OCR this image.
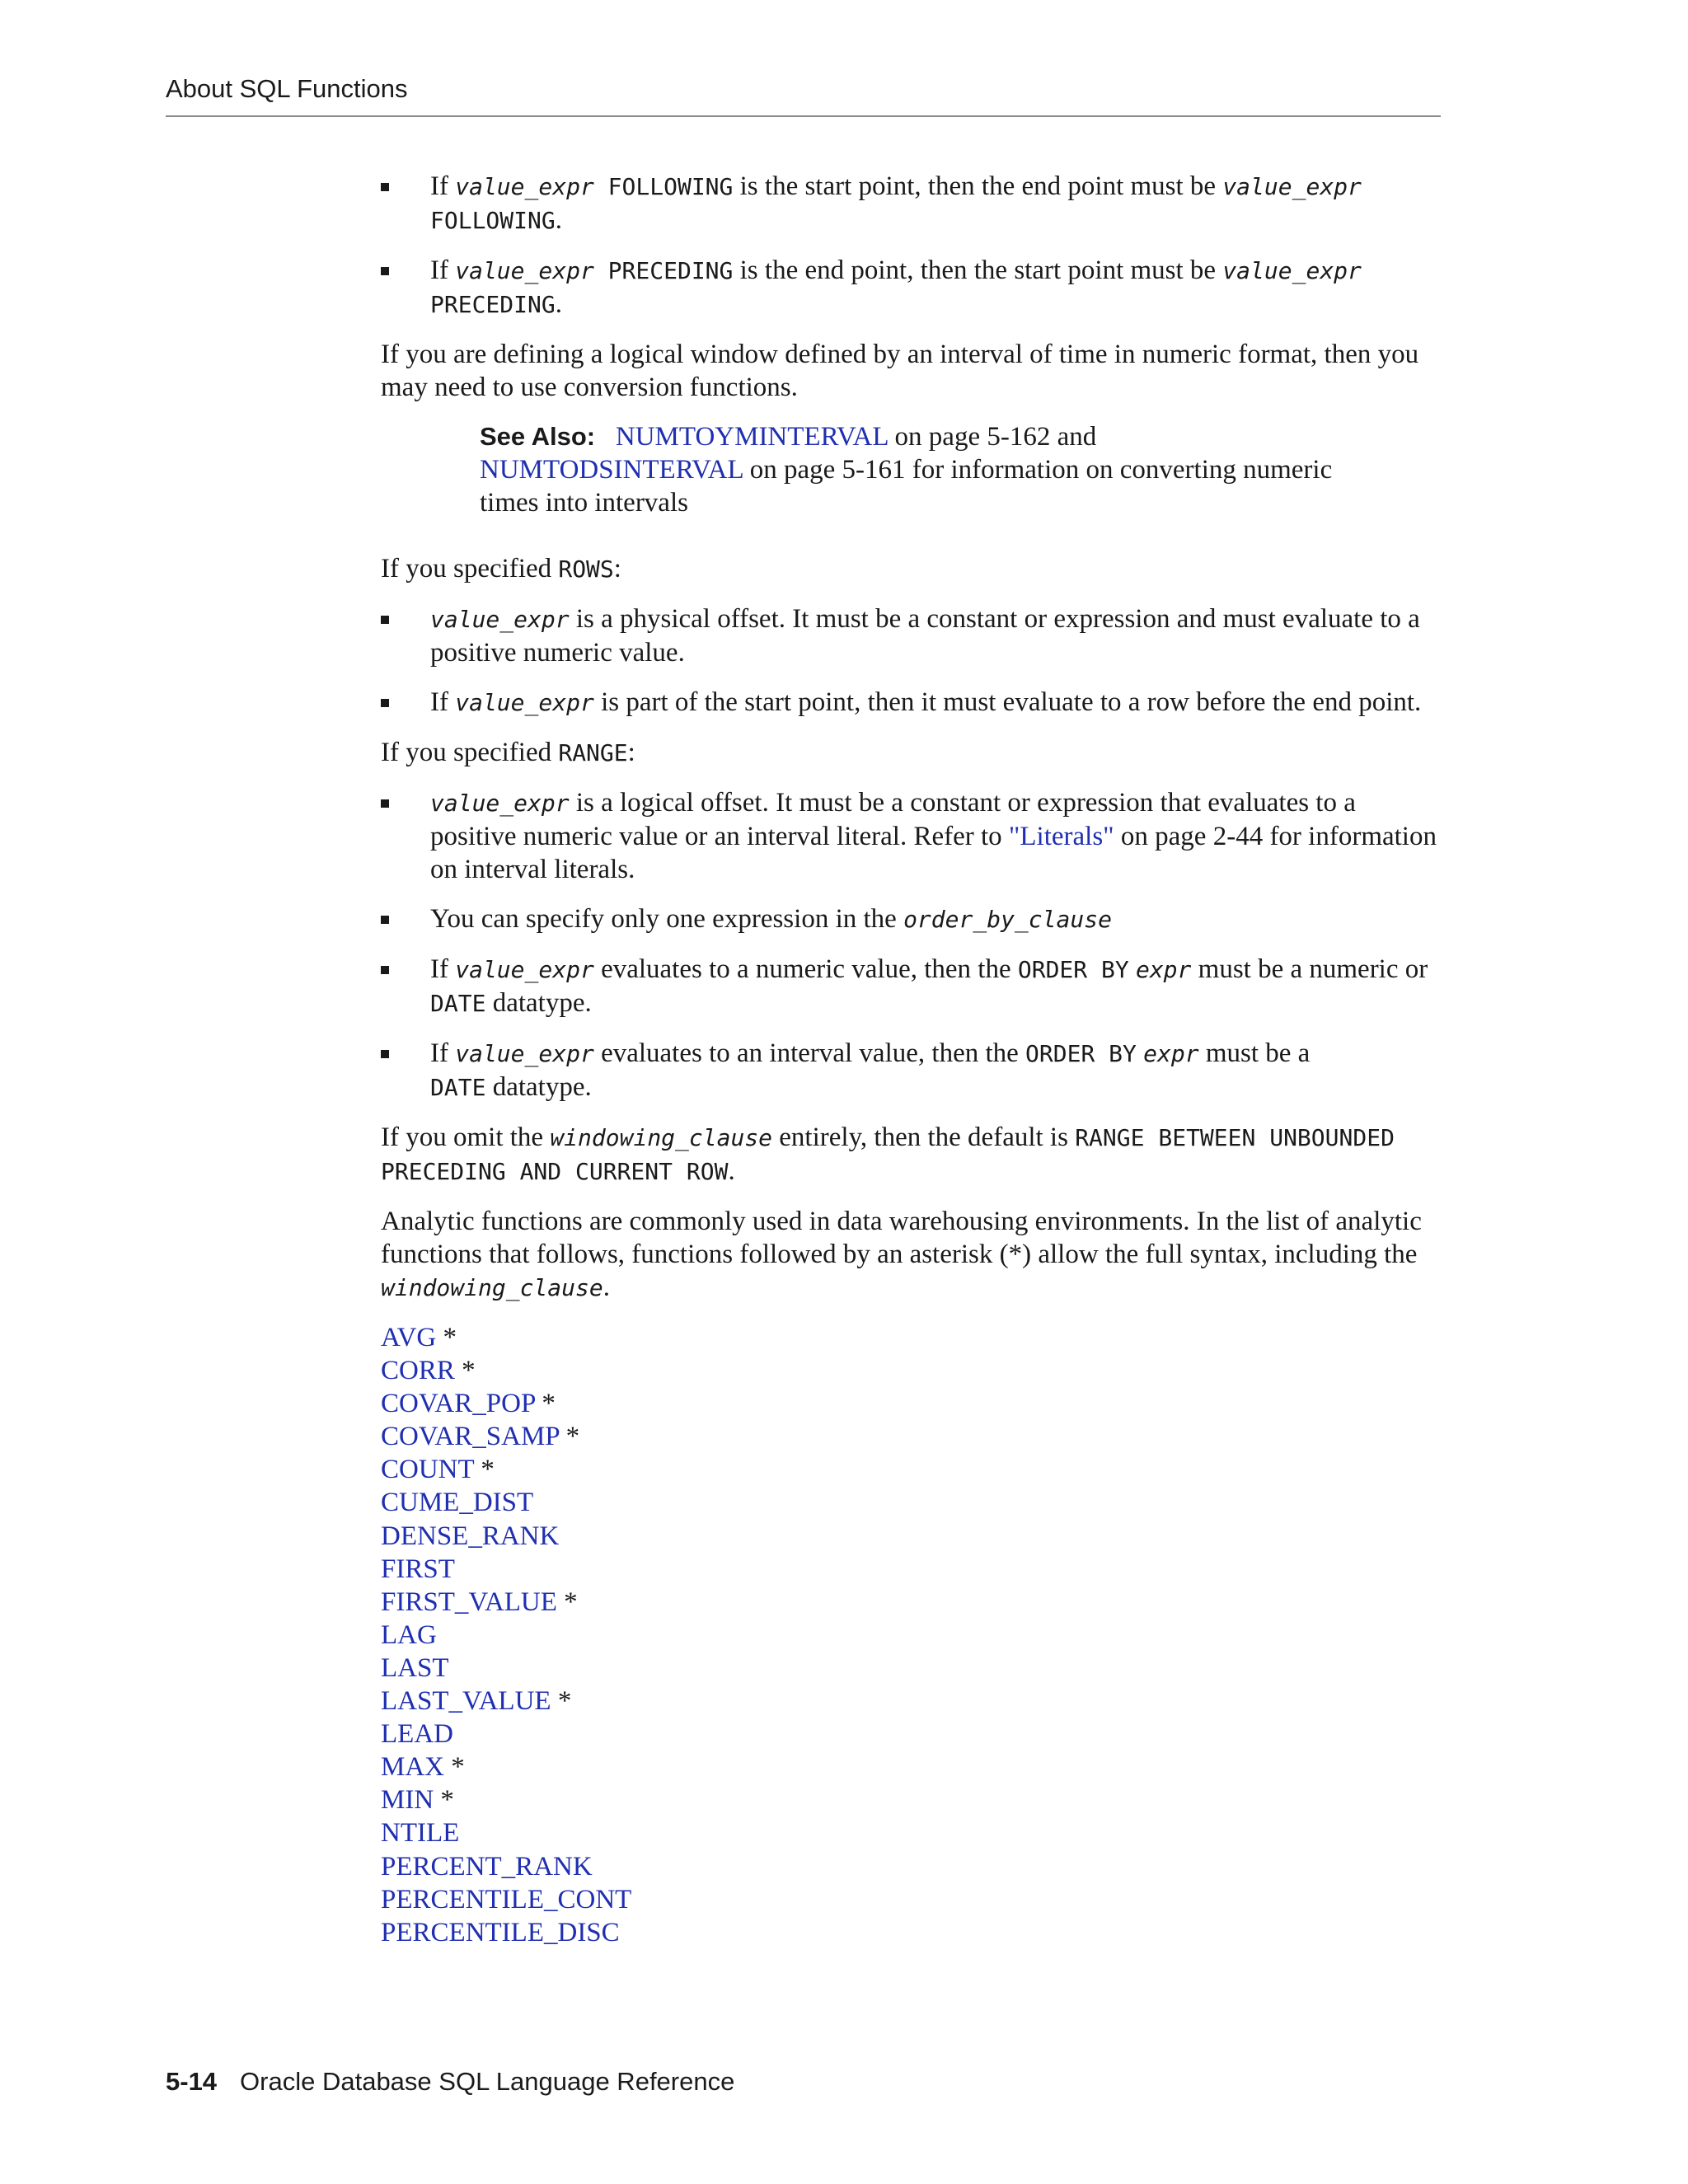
About SQL Functions
If value_expr FOLLOWING is the start point, then the end point must be value_expr FOLLOWING.
If value_expr PRECEDING is the end point, then the start point must be value_expr PRECEDING.

If you are defining a logical window defined by an interval of time in numeric format, then you may need to use conversion functions.

See Also: NUMTOYMINTERVAL on page 5-162 and
NUMTODSINTERVAL on page 5-161 for information on converting numeric times into intervals

If you specified ROWS:

value_expr is a physical offset. It must be a constant or expression and must evaluate to a positive numeric value.
If value_expr is part of the start point, then it must evaluate to a row before the end point.

If you specified RANGE:

value_expr is a logical offset. It must be a constant or expression that evaluates to a positive numeric value or an interval literal. Refer to "Literals" on page 2-44 for information on interval literals.
You can specify only one expression in the order_by_clause
If value_expr evaluates to a numeric value, then the ORDER BY expr must be a numeric or DATE datatype.
If value_expr evaluates to an interval value, then the ORDER BY expr must be a
DATE datatype.

If you omit the windowing_clause entirely, then the default is RANGE BETWEEN UNBOUNDED PRECEDING AND CURRENT ROW.

Analytic functions are commonly used in data warehousing environments. In the list of analytic functions that follows, functions followed by an asterisk (*) allow the full syntax, including the windowing_clause.

AVG *
CORR *
COVAR_POP *
COVAR_SAMP *
COUNT *
CUME_DIST
DENSE_RANK
FIRST
FIRST_VALUE *
LAG
LAST
LAST_VALUE *
LEAD
MAX *
MIN *
NTILE
PERCENT_RANK
PERCENTILE_CONT
PERCENTILE_DISC
5-14 Oracle Database SQL Language Reference
